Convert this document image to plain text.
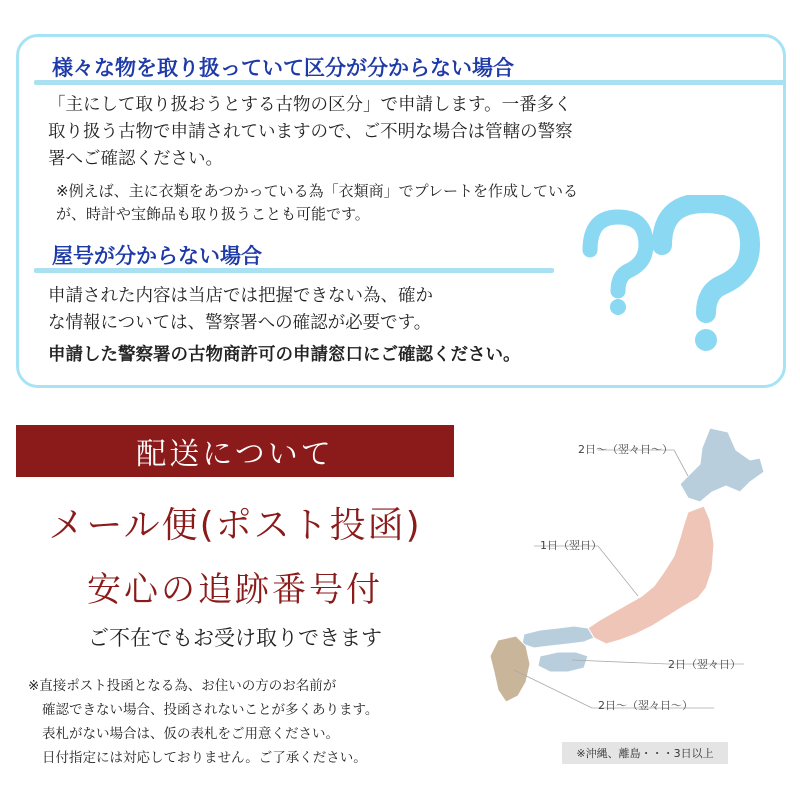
様々な物を取り扱っていて区分が分からない場合
「主にして取り扱おうとする古物の区分」で申請します。一番多く
取り扱う古物で申請されていますので、ご不明な場合は管轄の警察
署へご確認ください。
※例えば、主に衣類をあつかっている為「衣類商」でプレートを作成している
が、時計や宝飾品も取り扱うことも可能です。
屋号が分からない場合
申請された内容は当店では把握できない為、確か
な情報については、警察署への確認が必要です。
申請した警察署の古物商許可の申請窓口にご確認ください。
配送について
メール便(ポスト投函)
安心の追跡番号付
ご不在でもお受け取りできます
※直接ポスト投函となる為、お住いの方のお名前が
確認できない場合、投函されないことが多くあります。
表札がない場合は、仮の表札をご用意ください。
日付指定には対応しておりません。ご了承ください。
2日～（翌々日～）
1日（翌日）
2日（翌々日）
2日～（翌々日～）
※沖縄、離島・・・3日以上
